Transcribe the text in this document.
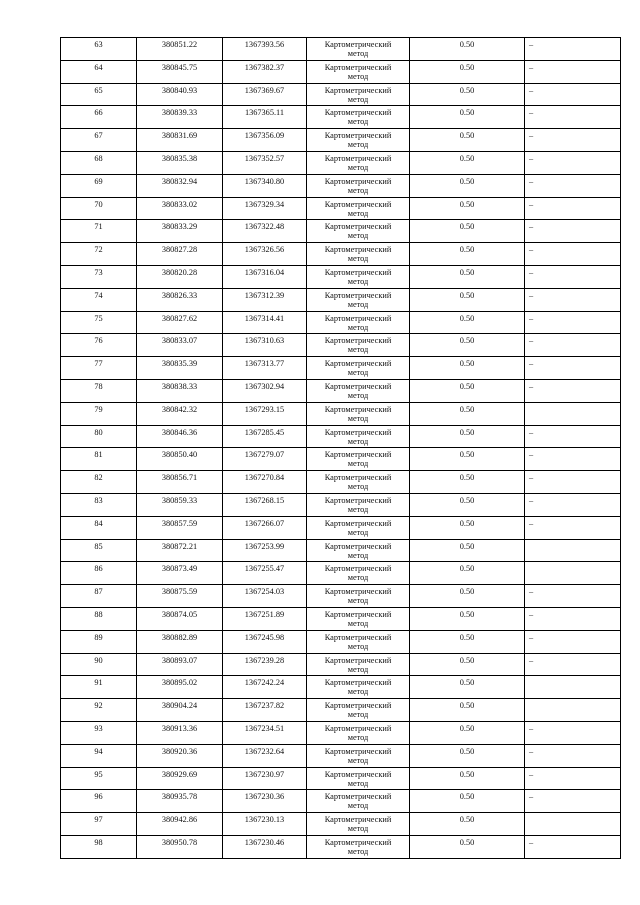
63	380851.22	1367393.56	Картометрический
метод	0.50	–

64	380845.75	1367382.37	Картометрический
метод	0.50	–

65	380840.93	1367369.67	Картометрический
метод	0.50	–

66	380839.33	1367365.11	Картометрический
метод	0.50	–

67	380831.69	1367356.09	Картометрический
метод	0.50	–

68	380835.38	1367352.57	Картометрический
метод	0.50	–

69	380832.94	1367340.80	Картометрический
метод	0.50	–

70	380833.02	1367329.34	Картометрический
метод	0.50	–

71	380833.29	1367322.48	Картометрический
метод	0.50	–

72	380827.28	1367326.56	Картометрический
метод	0.50	–

73	380820.28	1367316.04	Картометрический
метод	0.50	–

74	380826.33	1367312.39	Картометрический
метод	0.50	–

75	380827.62	1367314.41	Картометрический
метод	0.50	–

76	380833.07	1367310.63	Картометрический
метод	0.50	–

77	380835.39	1367313.77	Картометрический
метод	0.50	–

78	380838.33	1367302.94	Картометрический
метод	0.50	–

79	380842.32	1367293.15	Картометрический
метод	0.50	

80	380846.36	1367285.45	Картометрический
метод	0.50	–

81	380850.40	1367279.07	Картометрический
метод	0.50	–

82	380856.71	1367270.84	Картометрический
метод	0.50	–

83	380859.33	1367268.15	Картометрический
метод	0.50	–

84	380857.59	1367266.07	Картометрический
метод	0.50	–

85	380872.21	1367253.99	Картометрический
метод	0.50	

86	380873.49	1367255.47	Картометрический
метод	0.50	

87	380875.59	1367254.03	Картометрический
метод	0.50	–

88	380874.05	1367251.89	Картометрический
метод	0.50	–

89	380882.89	1367245.98	Картометрический
метод	0.50	–

90	380893.07	1367239.28	Картометрический
метод	0.50	–

91	380895.02	1367242.24	Картометрический
метод	0.50	

92	380904.24	1367237.82	Картометрический
метод	0.50	

93	380913.36	1367234.51	Картометрический
метод	0.50	–

94	380920.36	1367232.64	Картометрический
метод	0.50	–

95	380929.69	1367230.97	Картометрический
метод	0.50	–

96	380935.78	1367230.36	Картометрический
метод	0.50	–

97	380942.86	1367230.13	Картометрический
метод	0.50	

98	380950.78	1367230.46	Картометрический
метод	0.50	–
